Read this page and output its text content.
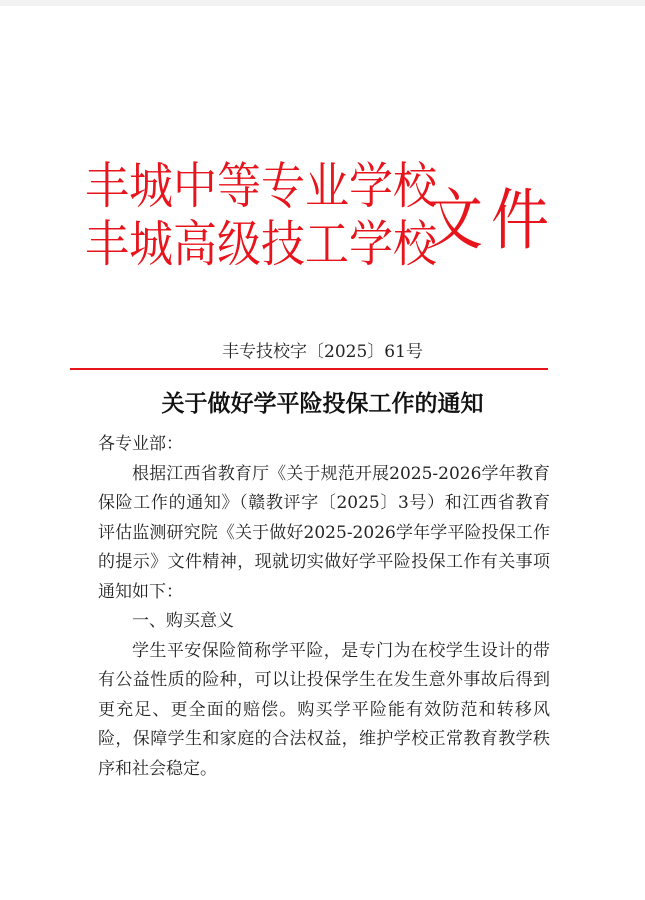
丰城中等专业学校
丰城高级技工学校
文件
丰专技校字〔2025〕61号
关于做好学平险投保工作的通知

各专业部：

根据江西省教育厅《关于规范开展2025-2026学年教育保险工作的通知》（赣教评字〔2025〕3号）和江西省教育评估监测研究院《关于做好2025-2026学年学平险投保工作的提示》文件精神，现就切实做好学平险投保工作有关事项通知如下：

一、购买意义

学生平安保险简称学平险，是专门为在校学生设计的带有公益性质的险种，可以让投保学生在发生意外事故后得到更充足、更全面的赔偿。购买学平险能有效防范和转移风险，保障学生和家庭的合法权益，维护学校正常教育教学秩序和社会稳定。
